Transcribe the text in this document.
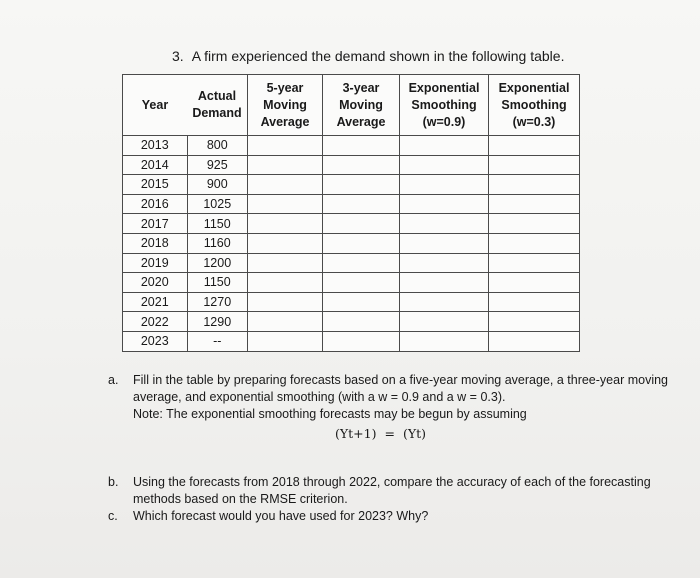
3. A firm experienced the demand shown in the following table.
Year	Actual Demand	5-year Moving Average	3-year Moving Average	Exponential Smoothing (w=0.9)	Exponential Smoothing (w=0.3)
2013	800				
2014	925				
2015	900				
2016	1025				
2017	1150				
2018	1160				
2019	1200				
2020	1150				
2021	1270				
2022	1290				
2023	--				
a. Fill in the table by preparing forecasts based on a five-year moving average, a three-year moving average, and exponential smoothing (with a w = 0.9 and a w = 0.3).
Note: The exponential smoothing forecasts may be begun by assuming
(Yt+1) = (Yt)
b. Using the forecasts from 2018 through 2022, compare the accuracy of each of the forecasting methods based on the RMSE criterion.
c. Which forecast would you have used for 2023? Why?
